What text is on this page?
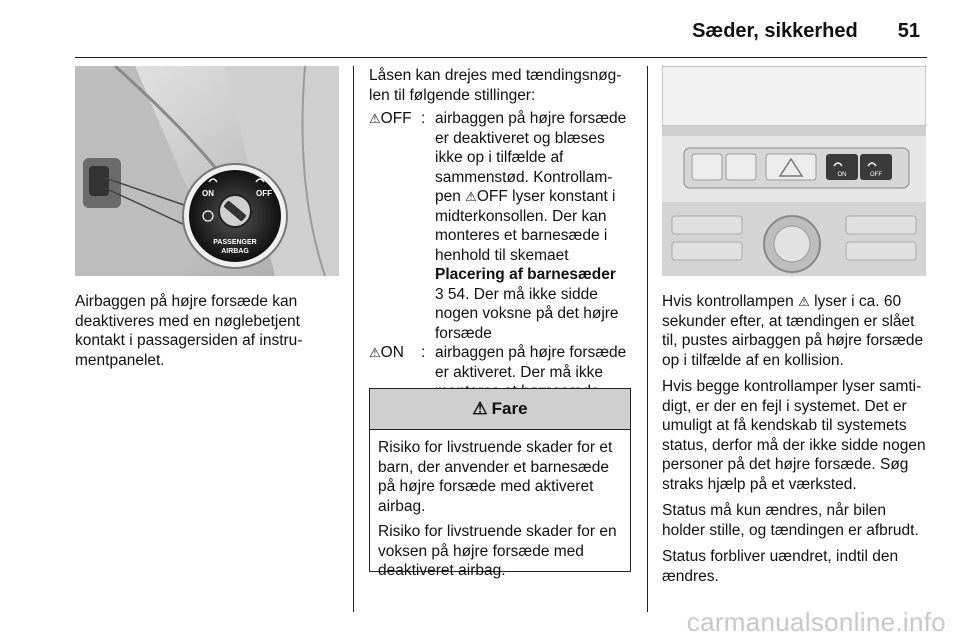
Sæder, sikkerhed 51
ON	OFF
PASSENGER
AIRBAG

Airbaggen på højre forsæde kan deaktiveres med en nøglebetjent kontakt i passagersiden af instrumentpanelet.

Låsen kan drejes med tændingsnøglen til følgende stillinger:

⚠OFF : airbaggen på højre forsæde er deaktiveret og blæses ikke op i tilfælde af sammenstød. Kontrollampen ⚠OFF lyser konstant i midterkonsollen. Der kan monteres et barnesæde i henhold til skemaet
Placering af barnesæder
3 54. Der må ikke sidde nogen voksne på det højre forsæde
⚠ON	: airbaggen på højre forsæde er aktiveret. Der må ikke
⚠ Fare

Risiko for livstruende skader for et barn, der anvender et barnesæde på højre forsæde med aktiveret airbag.

Risiko for livstruende skader for en voksen på højre forsæde med deaktiveret airbag.

ON	OFF

Hvis kontrollampen ⚠ lyser i ca. 60 sekunder efter, at tændingen er slået til, pustes airbaggen på højre forsæde op i tilfælde af en kollision.

Hvis begge kontrollamper lyser samtidigt, er der en fejl i systemet. Det er umuligt at få kendskab til systemets status, derfor må der ikke sidde nogen personer på det højre forsæde. Søg straks hjælp på et værksted.

Status må kun ændres, når bilen holder stille, og tændingen er afbrudt.

Status forbliver uændret, indtil den ændres.

carmanualsonline.info
